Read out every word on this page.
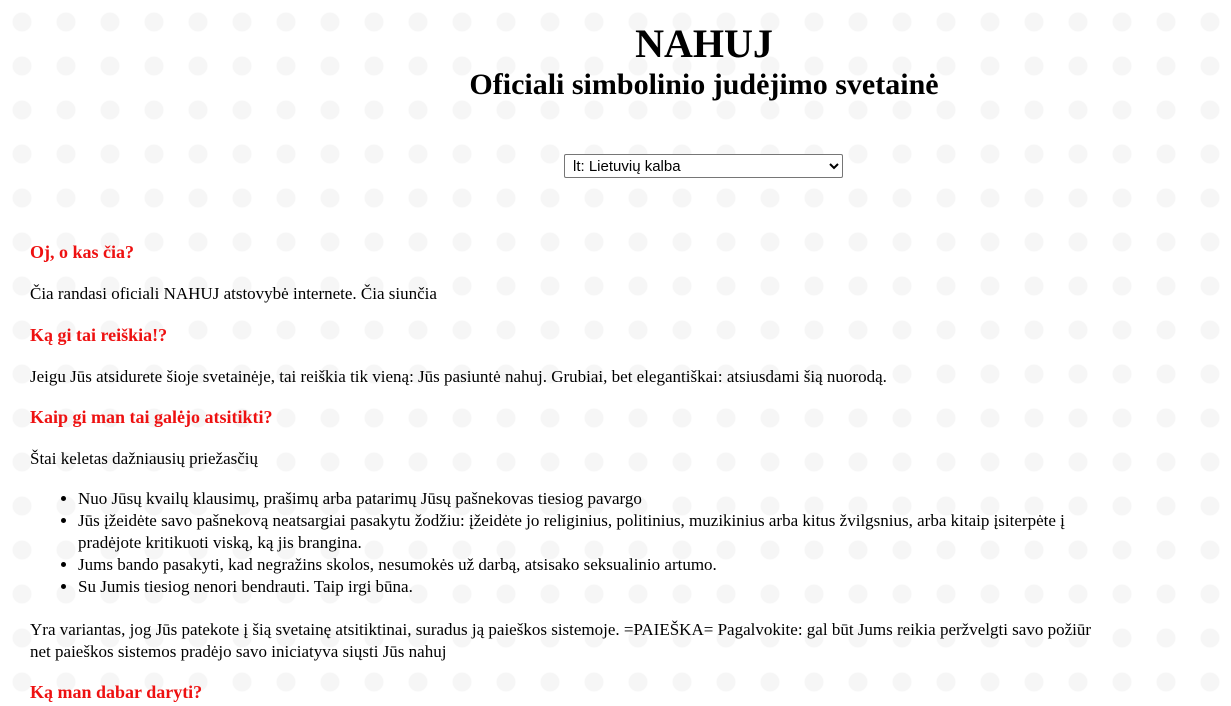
NAHUJ
Oficiali simbolinio judėjimo svetainė
lt: Lietuvių kalba
Oj, o kas čia?

Čia randasi oficiali NAHUJ atstovybė internete. Čia siunčia

Ką gi tai reiškia!?

Jeigu Jūs atsidurete šioje svetainėje, tai reiškia tik vieną: Jūs pasiuntė nahuj. Grubiai, bet elegantiškai: atsiusdami šią nuorodą.

Kaip gi man tai galėjo atsitikti?

Štai keletas dažniausių priežasčių

• Nuo Jūsų kvailų klausimų, prašimų arba patarimų Jūsų pašnekovas tiesiog pavargo
• Jūs įžeidėte savo pašnekovą neatsargiai pasakytu žodžiu: įžeidėte jo religinius, politinius, muzikinius arba kitus žvilgsnius, arba kitaip įsiterpėte į
pradėjote kritikuoti viską, ką jis brangina.
• Jums bando pasakyti, kad negražins skolos, nesumokės už darbą, atsisako seksualinio artumo.
• Su Jumis tiesiog nenori bendrauti. Taip irgi būna.

Yra variantas, jog Jūs patekote į šią svetainę atsitiktinai, suradus ją paieškos sistemoje. =PAIEŠKA= Pagalvokite: gal būt Jums reikia peržvelgti savo požiūr
net paieškos sistemos pradėjo savo iniciatyva siųsti Jūs nahuj

Ką man dabar daryti?
